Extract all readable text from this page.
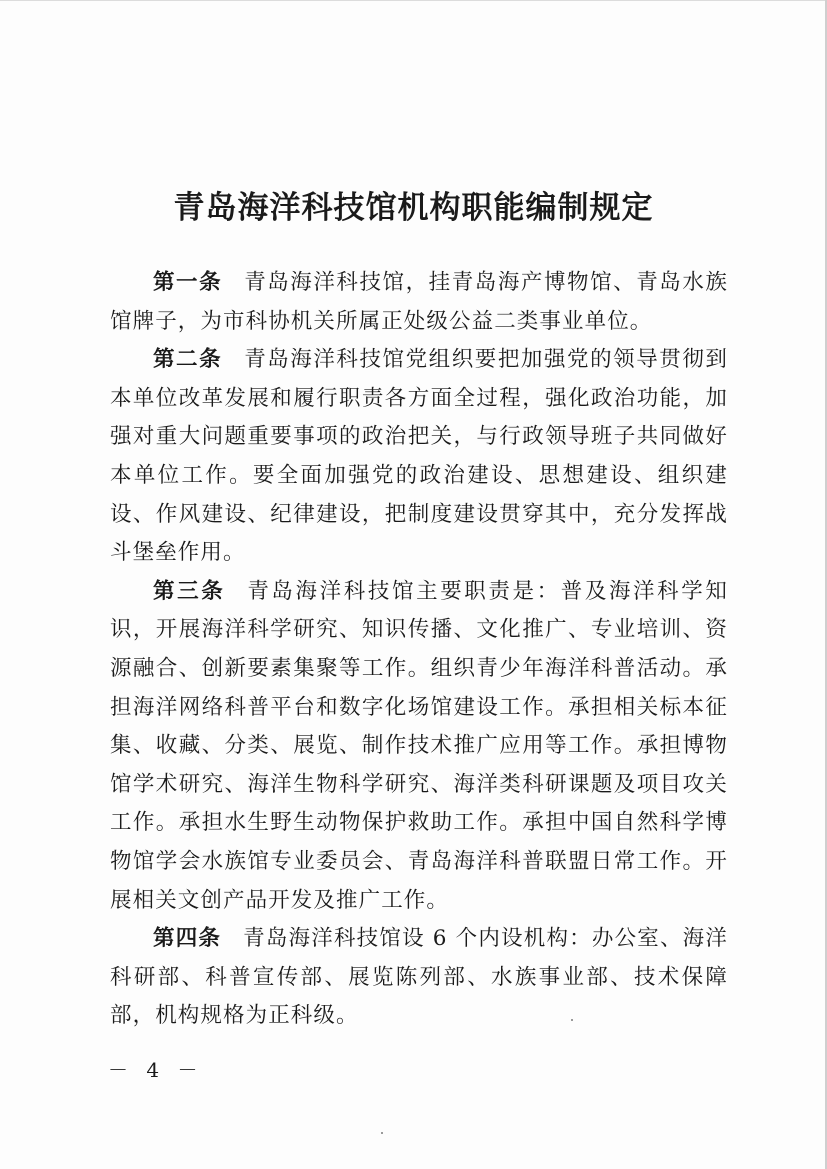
青岛海洋科技馆机构职能编制规定

第一条 青岛海洋科技馆，挂青岛海产博物馆、青岛水族馆牌子，为市科协机关所属正处级公益二类事业单位。

第二条 青岛海洋科技馆党组织要把加强党的领导贯彻到本单位改革发展和履行职责各方面全过程，强化政治功能，加强对重大问题重要事项的政治把关，与行政领导班子共同做好本单位工作。要全面加强党的政治建设、思想建设、组织建设、作风建设、纪律建设，把制度建设贯穿其中，充分发挥战斗堡垒作用。

第三条 青岛海洋科技馆主要职责是：普及海洋科学知识，开展海洋科学研究、知识传播、文化推广、专业培训、资源融合、创新要素集聚等工作。组织青少年海洋科普活动。承担海洋网络科普平台和数字化场馆建设工作。承担相关标本征集、收藏、分类、展览、制作技术推广应用等工作。承担博物馆学术研究、海洋生物科学研究、海洋类科研课题及项目攻关工作。承担水生野生动物保护救助工作。承担中国自然科学博物馆学会水族馆专业委员会、青岛海洋科普联盟日常工作。开展相关文创产品开发及推广工作。

第四条 青岛海洋科技馆设 6 个内设机构：办公室、海洋科研部、科普宣传部、展览陈列部、水族事业部、技术保障部，机构规格为正科级。

－ 4 －
